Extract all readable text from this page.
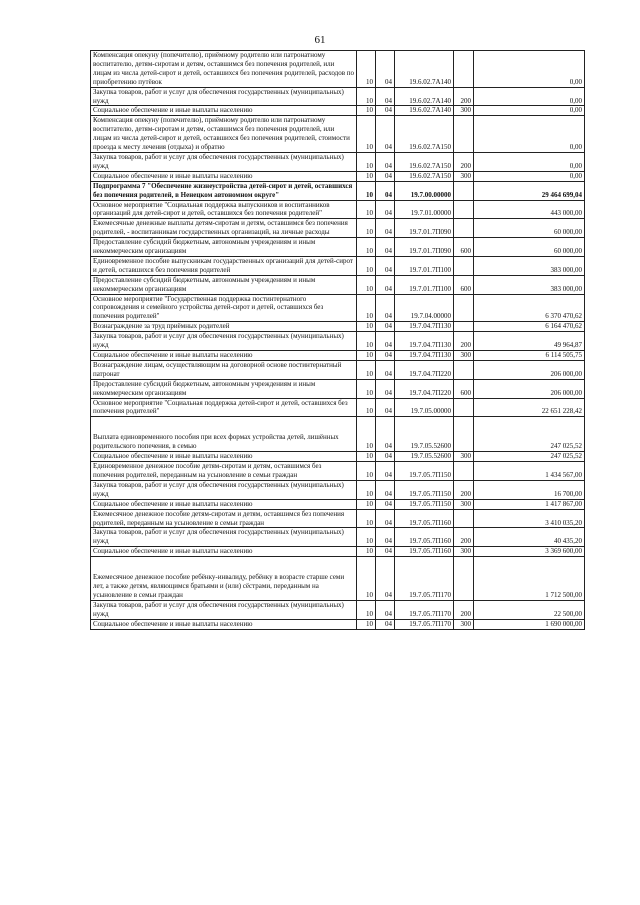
61
Компенсация опекуну (попечителю), приёмному родителю или патронатному воспитателю, детям-сиротам и детям, оставшимся без попечения родителей, или лицам из числа детей-сирот и детей, оставшихся без попечения родителей, расходов по приобретению путёвок	10	04	19.6.02.7А140		0,00
Закупка товаров, работ и услуг для обеспечения государственных (муниципальных) нужд	10	04	19.6.02.7А140	200	0,00
Социальное обеспечение и иные выплаты населению	10	04	19.6.02.7А140	300	0,00
Компенсация опекуну (попечителю), приёмному родителю или патронатному воспитателю, детям-сиротам и детям, оставшимся без попечения родителей, или лицам из числа детей-сирот и детей, оставшихся без попечения родителей, стоимости проезда к месту лечения (отдыха) и обратно	10	04	19.6.02.7А150		0,00
Закупка товаров, работ и услуг для обеспечения государственных (муниципальных) нужд	10	04	19.6.02.7А150	200	0,00
Социальное обеспечение и иные выплаты населению	10	04	19.6.02.7А150	300	0,00
Подпрограмма 7 "Обеспечение жизнеустройства детей-сирот и детей, оставшихся без попечения родителей, в Ненецком автономном округе"	10	04	19.7.00.00000		29 464 699,04
Основное мероприятие "Социальная поддержка выпускников и воспитанников организаций для детей-сирот и детей, оставшихся без попечения родителей"	10	04	19.7.01.00000		443 000,00
Ежемесячные денежные выплаты детям-сиротам и детям, оставшимся без попечения родителей, - воспитанникам государственных организаций, на личные расходы	10	04	19.7.01.7П090		60 000,00
Предоставление субсидий бюджетным, автономным учреждениям и иным некоммерческим организациям	10	04	19.7.01.7П090	600	60 000,00
Единовременное пособие выпускникам государственных организаций для детей-сирот и детей, оставшихся без попечения родителей	10	04	19.7.01.7П100		383 000,00
Предоставление субсидий бюджетным, автономным учреждениям и иным некоммерческим организациям	10	04	19.7.01.7П100	600	383 000,00
Основное мероприятие "Государственная поддержка постинтернатного сопровождения и семейного устройства детей-сирот и детей, оставшихся без попечения родителей"	10	04	19.7.04.00000		6 370 470,62
Вознаграждение за труд приёмных родителей	10	04	19.7.04.7П130		6 164 470,62
Закупка товаров, работ и услуг для обеспечения государственных (муниципальных) нужд	10	04	19.7.04.7П130	200	49 964,87
Социальное обеспечение и иные выплаты населению	10	04	19.7.04.7П130	300	6 114 505,75
Вознаграждение лицам, осуществляющим на договорной основе постинтернатный патронат	10	04	19.7.04.7П220		206 000,00
Предоставление субсидий бюджетным, автономным учреждениям и иным некоммерческим организациям	10	04	19.7.04.7П220	600	206 000,00
Основное мероприятие "Социальная поддержка детей-сирот и детей, оставшихся без попечения родителей"	10	04	19.7.05.00000		22 651 228,42
Выплата единовременного пособия при всех формах устройства детей, лишённых родительского попечения, в семью	10	04	19.7.05.52600		247 025,52
Социальное обеспечение и иные выплаты населению	10	04	19.7.05.52600	300	247 025,52
Единовременное денежное пособие детям-сиротам и детям, оставшимся без попечения родителей, переданным на усыновление в семьи граждан	10	04	19.7.05.7П150		1 434 567,00
Закупка товаров, работ и услуг для обеспечения государственных (муниципальных) нужд	10	04	19.7.05.7П150	200	16 700,00
Социальное обеспечение и иные выплаты населению	10	04	19.7.05.7П150	300	1 417 867,00
Ежемесячное денежное пособие детям-сиротам и детям, оставшимся без попечения родителей, переданным на усыновление в семьи граждан	10	04	19.7.05.7П160		3 410 035,20
Закупка товаров, работ и услуг для обеспечения государственных (муниципальных) нужд	10	04	19.7.05.7П160	200	40 435,20
Социальное обеспечение и иные выплаты населению	10	04	19.7.05.7П160	300	3 369 600,00
Ежемесячное денежное пособие ребёнку-инвалиду, ребёнку в возрасте старше семи лет, а также детям, являющимся братьями и (или) сёстрами, переданным на усыновление в семьи граждан	10	04	19.7.05.7П170		1 712 500,00
Закупка товаров, работ и услуг для обеспечения государственных (муниципальных) нужд	10	04	19.7.05.7П170	200	22 500,00
Социальное обеспечение и иные выплаты населению	10	04	19.7.05.7П170	300	1 690 000,00
